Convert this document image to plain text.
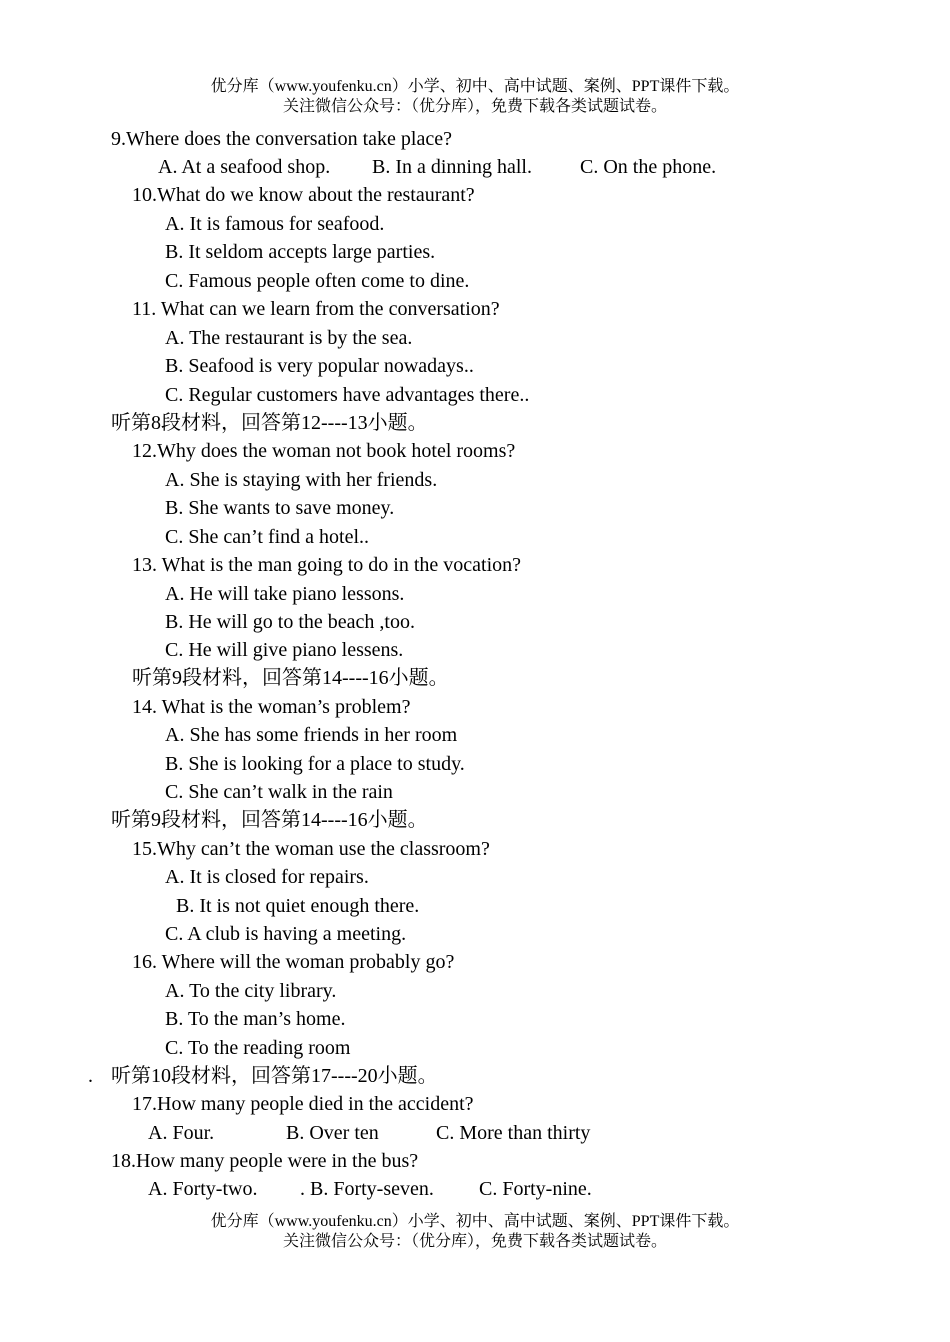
优分库（www.youfenku.cn）小学、初中、高中试题、案例、PPT课件下载。
关注微信公众号：（优分库），免费下载各类试题试卷。
9.Where does the conversation take place?
A. At a seafood shop. B. In a dinning hall. C. On the phone.
10.What do we know about the restaurant?
A. It is famous for seafood.
B. It seldom accepts large parties.
C. Famous people often come to dine.
11. What can we learn from the conversation?
A. The restaurant is by the sea.
B. Seafood is very popular nowadays..
C. Regular customers have advantages there..
听第8段材料，回答第12----13小题。
12.Why does the woman not book hotel rooms?
A. She is staying with her friends.
B. She wants to save money.
C. She can’t find a hotel..
13. What is the man going to do in the vocation?
A. He will take piano lessons.
B. He will go to the beach ,too.
C. He will give piano lessens.
听第9段材料，回答第14----16小题。
14. What is the woman’s problem?
A. She has some friends in her room
B. She is looking for a place to study.
C. She can’t walk in the rain
听第9段材料，回答第14----16小题。
15.Why can’t the woman use the classroom?
A. It is closed for repairs.
B. It is not quiet enough there.
C. A club is having a meeting.
16. Where will the woman probably go?
A. To the city library.
B. To the man’s home.
C. To the reading room
. 听第10段材料，回答第17----20小题。
17.How many people died in the accident?
A. Four.	B. Over ten	C. More than thirty
18.How many people were in the bus?
A. Forty-two. . B. Forty-seven. C. Forty-nine.
优分库（www.youfenku.cn）小学、初中、高中试题、案例、PPT课件下载。
关注微信公众号：（优分库），免费下载各类试题试卷。
